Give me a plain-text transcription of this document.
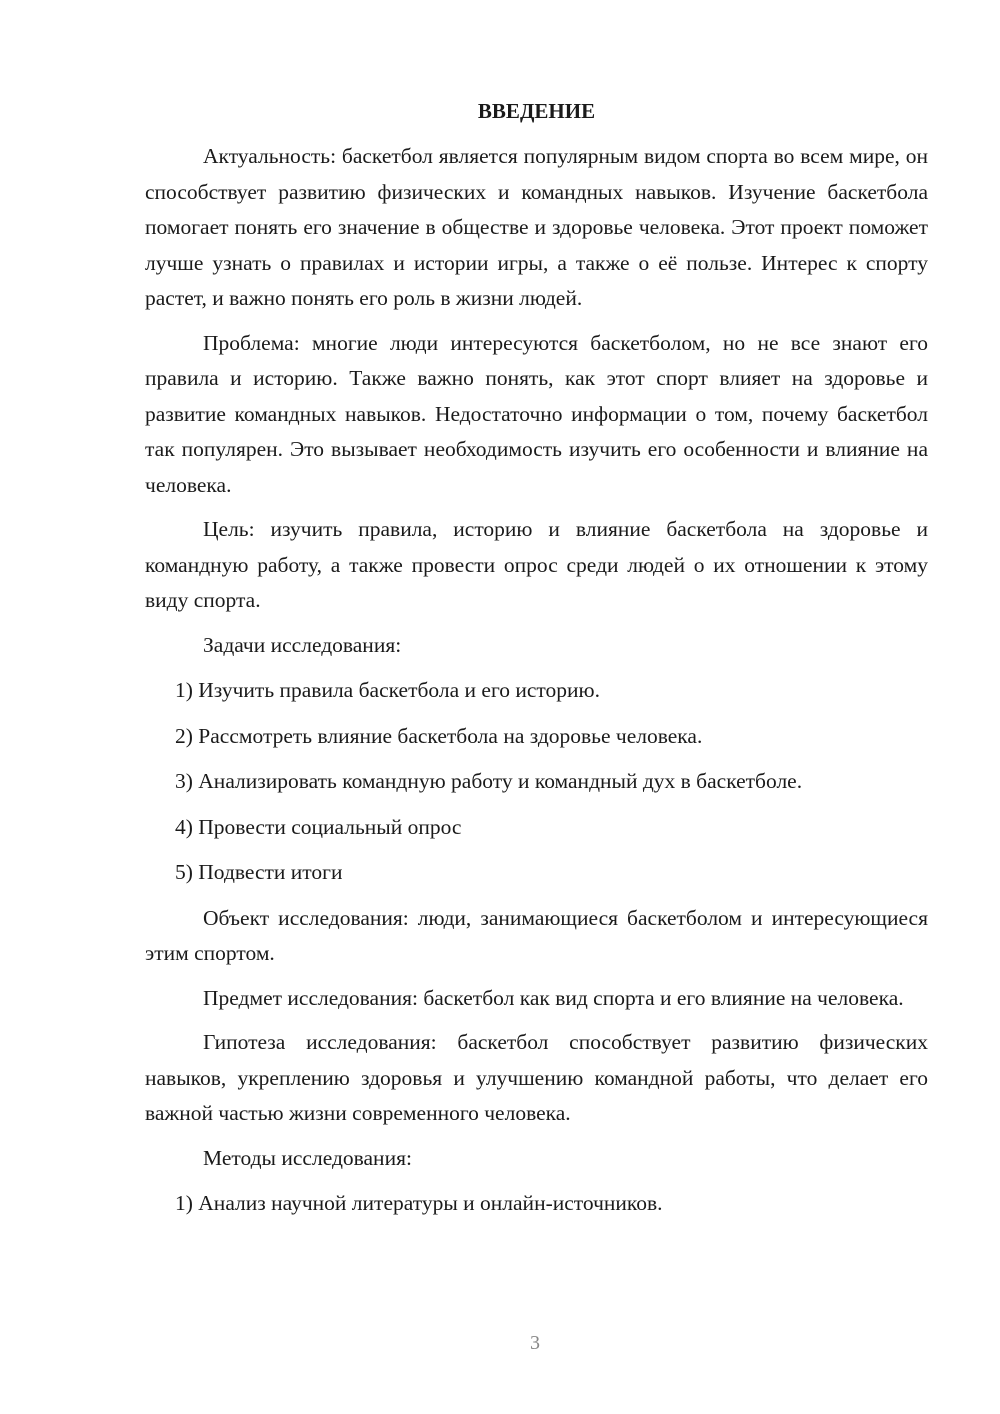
ВВЕДЕНИЕ

Актуальность: баскетбол является популярным видом спорта во всем мире, он способствует развитию физических и командных навыков. Изучение баскетбола помогает понять его значение в обществе и здоровье человека. Этот проект поможет лучше узнать о правилах и истории игры, а также о её пользе. Интерес к спорту растет, и важно понять его роль в жизни людей.

Проблема: многие люди интересуются баскетболом, но не все знают его правила и историю. Также важно понять, как этот спорт влияет на здоровье и развитие командных навыков. Недостаточно информации о том, почему баскетбол так популярен. Это вызывает необходимость изучить его особенности и влияние на человека.

Цель: изучить правила, историю и влияние баскетбола на здоровье и командную работу, а также провести опрос среди людей о их отношении к этому виду спорта.

Задачи исследования:

1) Изучить правила баскетбола и его историю.
2) Рассмотреть влияние баскетбола на здоровье человека.
3) Анализировать командную работу и командный дух в баскетболе.
4) Провести социальный опрос
5) Подвести итоги

Объект исследования: люди, занимающиеся баскетболом и интересующиеся этим спортом.

Предмет исследования: баскетбол как вид спорта и его влияние на человека.

Гипотеза исследования: баскетбол способствует развитию физических навыков, укреплению здоровья и улучшению командной работы, что делает его важной частью жизни современного человека.

Методы исследования:

1) Анализ научной литературы и онлайн-источников.
3
